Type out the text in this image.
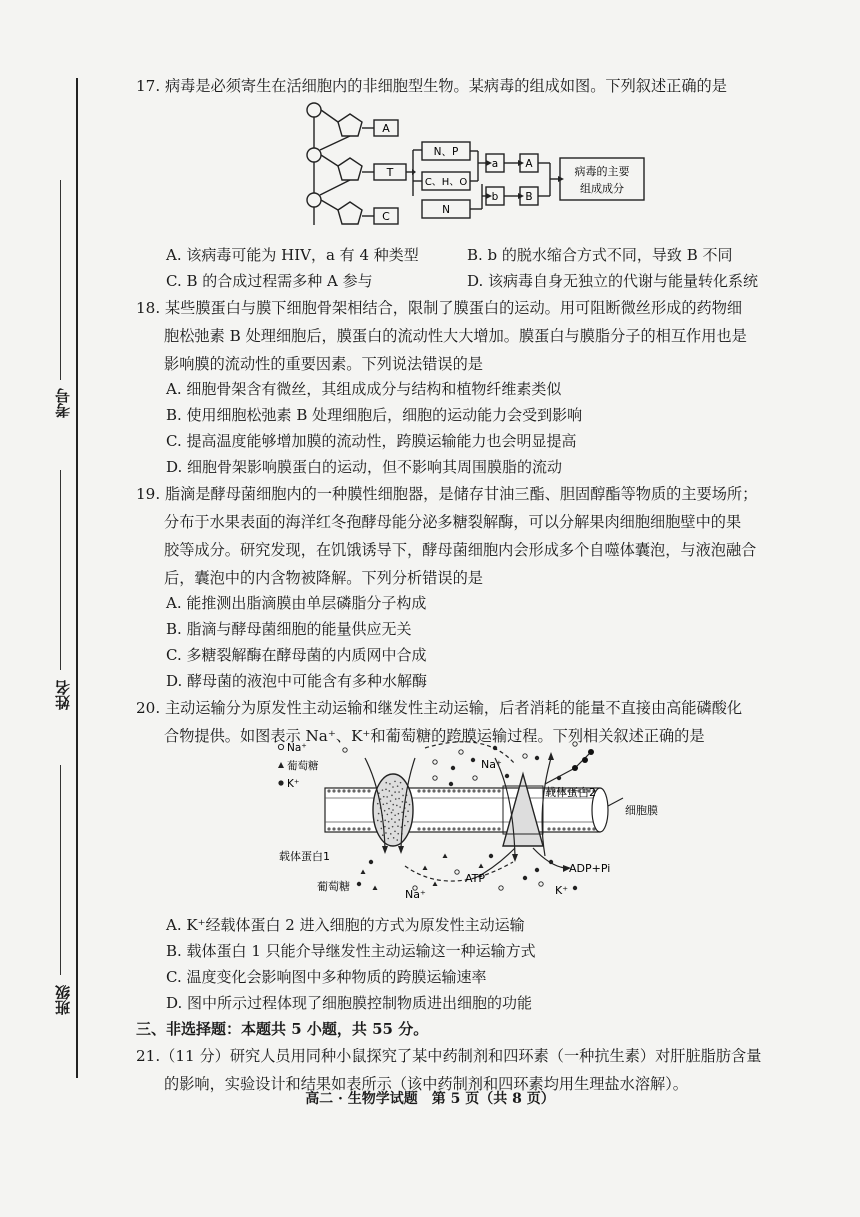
考号
姓名
班级

17. 病毒是必须寄生在活细胞内的非细胞型生物。某病毒的组成如图。下列叙述正确的是

A
T
C
N、P
C、H、O
N
a
b
A
B
病毒的主要
组成成分
A. 该病毒可能为 HIV，a 有 4 种类型	B. b 的脱水缩合方式不同，导致 B 不同
C. B 的合成过程需多种 A 参与	D. 该病毒自身无独立的代谢与能量转化系统

18. 某些膜蛋白与膜下细胞骨架相结合，限制了膜蛋白的运动。用可阻断微丝形成的药物细

胞松弛素 B 处理细胞后，膜蛋白的流动性大大增加。膜蛋白与膜脂分子的相互作用也是

影响膜的流动性的重要因素。下列说法错误的是

A. 细胞骨架含有微丝，其组成成分与结构和植物纤维素类似
B. 使用细胞松弛素 B 处理细胞后，细胞的运动能力会受到影响
C. 提高温度能够增加膜的流动性，跨膜运输能力也会明显提高
D. 细胞骨架影响膜蛋白的运动，但不影响其周围膜脂的流动

19. 脂滴是酵母菌细胞内的一种膜性细胞器，是储存甘油三酯、胆固醇酯等物质的主要场所；

分布于水果表面的海洋红冬孢酵母能分泌多糖裂解酶，可以分解果肉细胞细胞壁中的果

胶等成分。研究发现，在饥饿诱导下，酵母菌细胞内会形成多个自噬体囊泡，与液泡融合

后，囊泡中的内含物被降解。下列分析错误的是

A. 能推测出脂滴膜由单层磷脂分子构成
B. 脂滴与酵母菌细胞的能量供应无关
C. 多糖裂解酶在酵母菌的内质网中合成
D. 酵母菌的液泡中可能含有多种水解酶

20. 主动运输分为原发性主动运输和继发性主动运输，后者消耗的能量不直接由高能磷酸化

合物提供。如图表示 Na⁺、K⁺和葡萄糖的跨膜运输过程。下列相关叙述正确的是

Na⁺
葡萄糖
K⁺
Na⁺
载体蛋白2
细胞膜
载体蛋白1
葡萄糖
Na⁺
ATP
ADP+Pi
K⁺
A. K⁺经载体蛋白 2 进入细胞的方式为原发性主动运输
B. 载体蛋白 1 只能介导继发性主动运输这一种运输方式
C. 温度变化会影响图中多种物质的跨膜运输速率
D. 图中所示过程体现了细胞膜控制物质进出细胞的功能
三、非选择题：本题共 5 小题，共 55 分。

21.（11 分）研究人员用同种小鼠探究了某中药制剂和四环素（一种抗生素）对肝脏脂肪含量

的影响，实验设计和结果如表所示（该中药制剂和四环素均用生理盐水溶解）。

高二 · 生物学试题　第 5 页（共 8 页）
